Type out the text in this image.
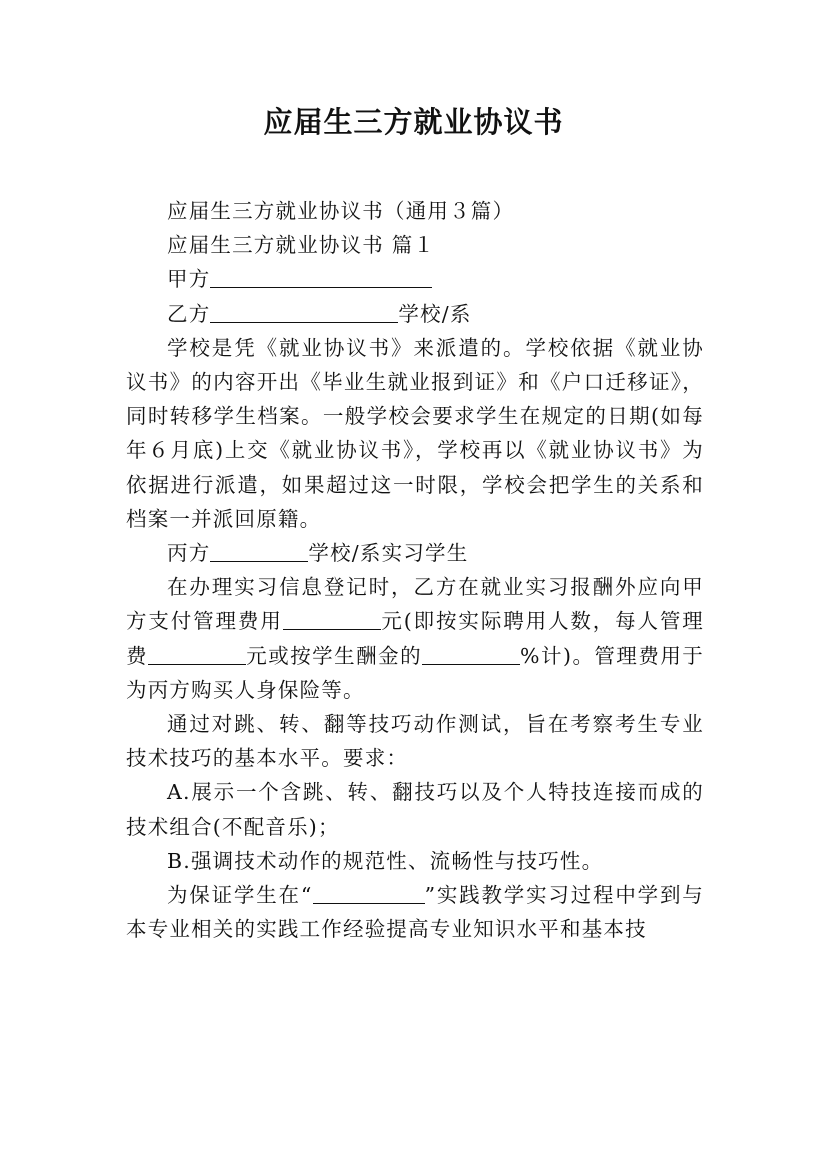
应届生三方就业协议书

应届生三方就业协议书（通用３篇）

应届生三方就业协议书 篇１

甲方

乙方	学校/系

学校是凭《就业协议书》来派遣的。学校依据《就业协议书》的内容开出《毕业生就业报到证》和《户口迁移证》，同时转移学生档案。一般学校会要求学生在规定的日期(如每年６月底)上交《就业协议书》，学校再以《就业协议书》为依据进行派遣，如果超过这一时限，学校会把学生的关系和档案一并派回原籍。

丙方	学校/系实习学生

在办理实习信息登记时，乙方在就业实习报酬外应向甲方支付管理费用	元(即按实际聘用人数，每人管理费	元或按学生酬金的	%计)。管理费用于为丙方购买人身保险等。

通过对跳、转、翻等技巧动作测试，旨在考察考生专业技术技巧的基本水平。要求：

A.展示一个含跳、转、翻技巧以及个人特技连接而成的技术组合(不配音乐)；

B.强调技术动作的规范性、流畅性与技巧性。

为保证学生在“	”实践教学实习过程中学到与本专业相关的实践工作经验提高专业知识水平和基本技
